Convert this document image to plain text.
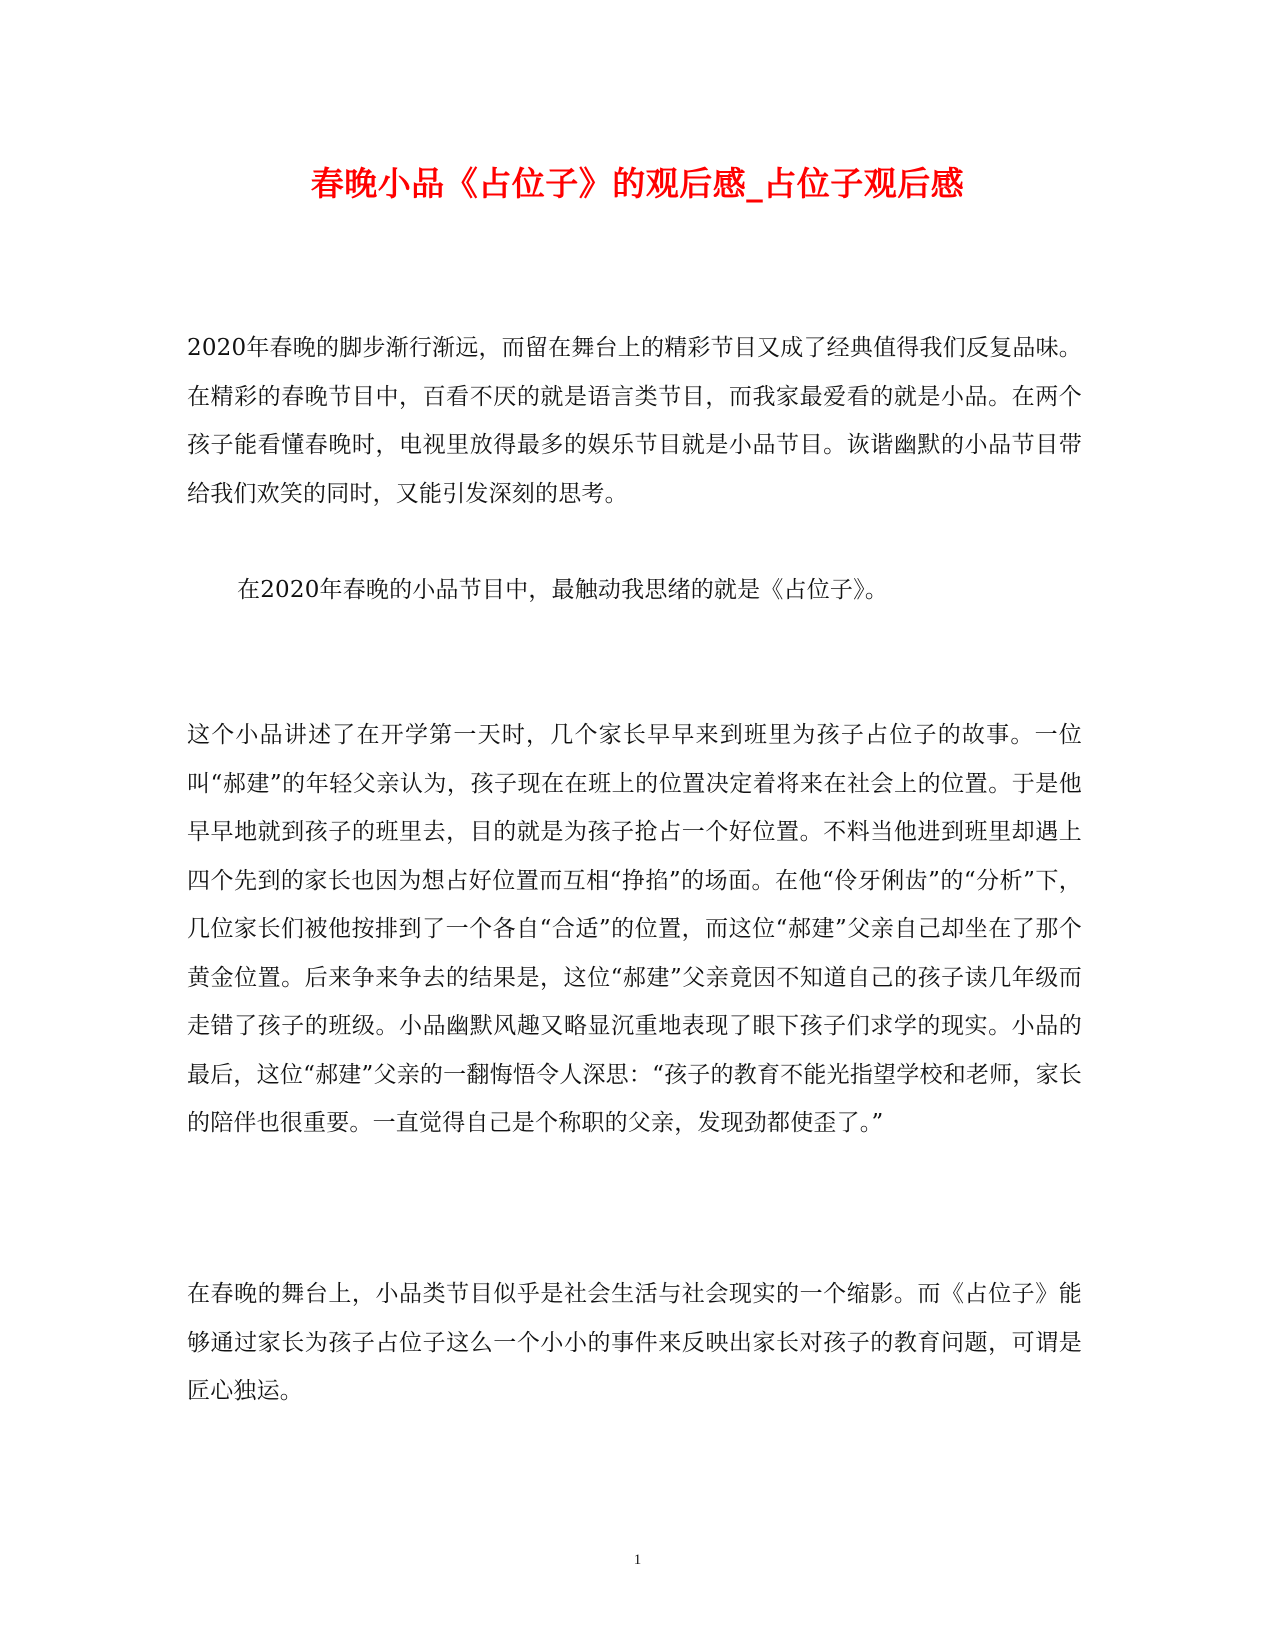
春晚小品《占位子》的观后感_占位子观后感

2020年春晚的脚步渐行渐远，而留在舞台上的精彩节目又成了经典值得我们反复品味。在精彩的春晚节目中，百看不厌的就是语言类节目，而我家最爱看的就是小品。在两个孩子能看懂春晚时，电视里放得最多的娱乐节目就是小品节目。诙谐幽默的小品节目带给我们欢笑的同时，又能引发深刻的思考。

在2020年春晚的小品节目中，最触动我思绪的就是《占位子》。

这个小品讲述了在开学第一天时，几个家长早早来到班里为孩子占位子的故事。一位叫“郝建”的年轻父亲认为，孩子现在在班上的位置决定着将来在社会上的位置。于是他早早地就到孩子的班里去，目的就是为孩子抢占一个好位置。不料当他进到班里却遇上四个先到的家长也因为想占好位置而互相“挣掐”的场面。在他“伶牙俐齿”的“分析”下，几位家长们被他按排到了一个各自“合适”的位置，而这位“郝建”父亲自己却坐在了那个黄金位置。后来争来争去的结果是，这位“郝建”父亲竟因不知道自己的孩子读几年级而走错了孩子的班级。小品幽默风趣又略显沉重地表现了眼下孩子们求学的现实。小品的最后，这位“郝建”父亲的一翻悔悟令人深思：“孩子的教育不能光指望学校和老师，家长的陪伴也很重要。一直觉得自己是个称职的父亲，发现劲都使歪了。”

在春晚的舞台上，小品类节目似乎是社会生活与社会现实的一个缩影。而《占位子》能够通过家长为孩子占位子这么一个小小的事件来反映出家长对孩子的教育问题，可谓是匠心独运。

1
